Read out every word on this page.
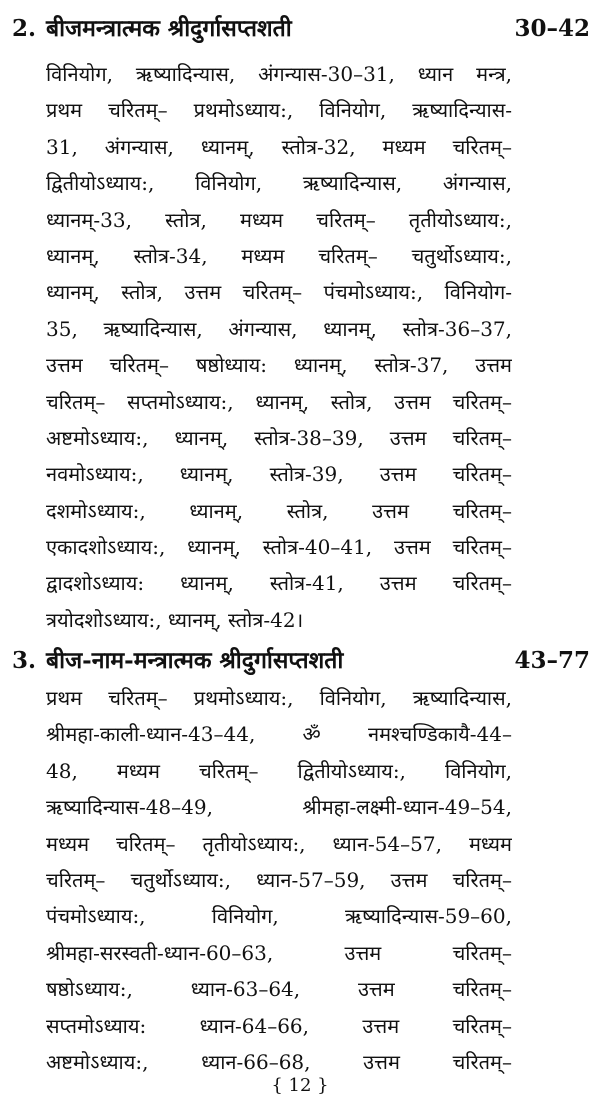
2. बीजमन्त्रात्मक श्रीदुर्गासप्तशती	30–42
विनियोग, ऋष्यादिन्यास, अंगन्यास-30–31, ध्यान मन्त्र,
प्रथम चरितम्– प्रथमोऽध्याय:, विनियोग, ऋष्यादिन्यास-
31, अंगन्यास, ध्यानम्, स्तोत्र-32, मध्यम चरितम्–
द्वितीयोऽध्याय:, विनियोग, ऋष्यादिन्यास, अंगन्यास,
ध्यानम्-33, स्तोत्र, मध्यम चरितम्– तृतीयोऽध्याय:,
ध्यानम्, स्तोत्र-34, मध्यम चरितम्– चतुर्थोऽध्याय:,
ध्यानम्, स्तोत्र, उत्तम चरितम्– पंचमोऽध्याय:, विनियोग-
35, ऋष्यादिन्यास, अंगन्यास, ध्यानम्, स्तोत्र-36–37,
उत्तम चरितम्– षष्ठोध्याय: ध्यानम्, स्तोत्र-37, उत्तम
चरितम्– सप्तमोऽध्याय:, ध्यानम्, स्तोत्र, उत्तम चरितम्–
अष्टमोऽध्याय:, ध्यानम्, स्तोत्र-38–39, उत्तम चरितम्–
नवमोऽध्याय:, ध्यानम्, स्तोत्र-39, उत्तम चरितम्–
दशमोऽध्याय:, ध्यानम्, स्तोत्र, उत्तम चरितम्–
एकादशोऽध्याय:, ध्यानम्, स्तोत्र-40–41, उत्तम चरितम्–
द्वादशोऽध्याय: ध्यानम्, स्तोत्र-41, उत्तम चरितम्–
त्रयोदशोऽध्याय:, ध्यानम्, स्तोत्र-42।
3. बीज-नाम-मन्त्रात्मक श्रीदुर्गासप्तशती	43–77
प्रथम चरितम्– प्रथमोऽध्याय:, विनियोग, ऋष्यादिन्यास,
श्रीमहा-काली-ध्यान-43–44, ॐ नमश्चण्डिकायै-44–
48, मध्यम चरितम्– द्वितीयोऽध्याय:, विनियोग,
ऋष्यादिन्यास-48–49, श्रीमहा-लक्ष्मी-ध्यान-49–54,
मध्यम चरितम्– तृतीयोऽध्याय:, ध्यान-54–57, मध्यम
चरितम्– चतुर्थोऽध्याय:, ध्यान-57–59, उत्तम चरितम्–
पंचमोऽध्याय:, विनियोग, ऋष्यादिन्यास-59–60,
श्रीमहा-सरस्वती-ध्यान-60–63, उत्तम चरितम्–
षष्ठोऽध्याय:, ध्यान-63–64, उत्तम चरितम्–
सप्तमोऽध्याय: ध्यान-64–66, उत्तम चरितम्–
अष्टमोऽध्याय:, ध्यान-66–68, उत्तम चरितम्–
{ 12 }
